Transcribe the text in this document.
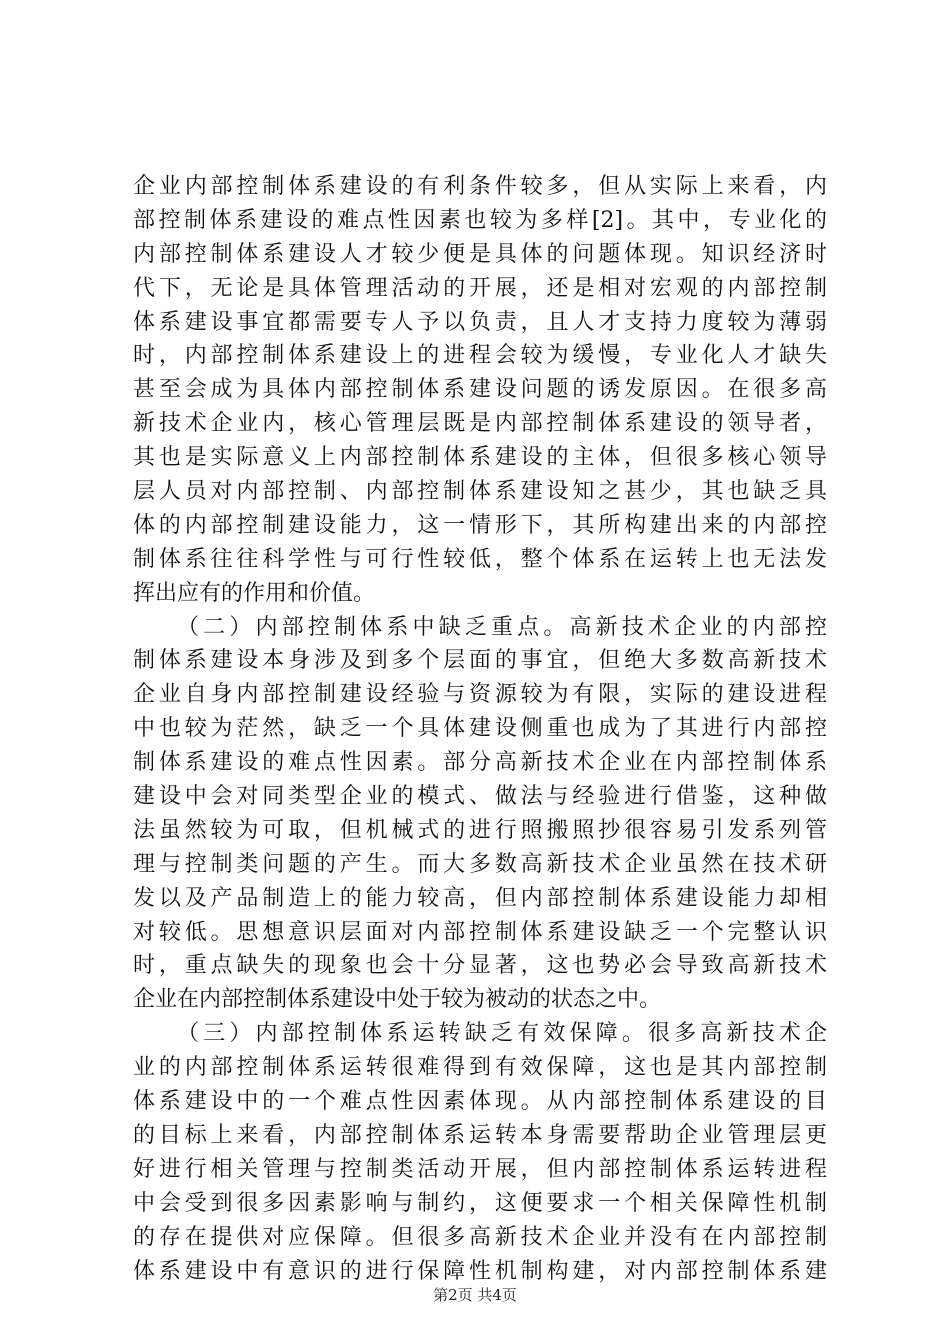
企业内部控制体系建设的有利条件较多，但从实际上来看，内
部控制体系建设的难点性因素也较为多样[2]。其中，专业化的
内部控制体系建设人才较少便是具体的问题体现。知识经济时
代下，无论是具体管理活动的开展，还是相对宏观的内部控制
体系建设事宜都需要专人予以负责，且人才支持力度较为薄弱
时，内部控制体系建设上的进程会较为缓慢，专业化人才缺失
甚至会成为具体内部控制体系建设问题的诱发原因。在很多高
新技术企业内，核心管理层既是内部控制体系建设的领导者，
其也是实际意义上内部控制体系建设的主体，但很多核心领导
层人员对内部控制、内部控制体系建设知之甚少，其也缺乏具
体的内部控制建设能力，这一情形下，其所构建出来的内部控
制体系往往科学性与可行性较低，整个体系在运转上也无法发
挥出应有的作用和价值。
（二）内部控制体系中缺乏重点。高新技术企业的内部控
制体系建设本身涉及到多个层面的事宜，但绝大多数高新技术
企业自身内部控制建设经验与资源较为有限，实际的建设进程
中也较为茫然，缺乏一个具体建设侧重也成为了其进行内部控
制体系建设的难点性因素。部分高新技术企业在内部控制体系
建设中会对同类型企业的模式、做法与经验进行借鉴，这种做
法虽然较为可取，但机械式的进行照搬照抄很容易引发系列管
理与控制类问题的产生。而大多数高新技术企业虽然在技术研
发以及产品制造上的能力较高，但内部控制体系建设能力却相
对较低。思想意识层面对内部控制体系建设缺乏一个完整认识
时，重点缺失的现象也会十分显著，这也势必会导致高新技术
企业在内部控制体系建设中处于较为被动的状态之中。
（三）内部控制体系运转缺乏有效保障。很多高新技术企
业的内部控制体系运转很难得到有效保障，这也是其内部控制
体系建设中的一个难点性因素体现。从内部控制体系建设的目
的目标上来看，内部控制体系运转本身需要帮助企业管理层更
好进行相关管理与控制类活动开展，但内部控制体系运转进程
中会受到很多因素影响与制约，这便要求一个相关保障性机制
的存在提供对应保障。但很多高新技术企业并没有在内部控制
体系建设中有意识的进行保障性机制构建，对内部控制体系建
第2页 共4页
